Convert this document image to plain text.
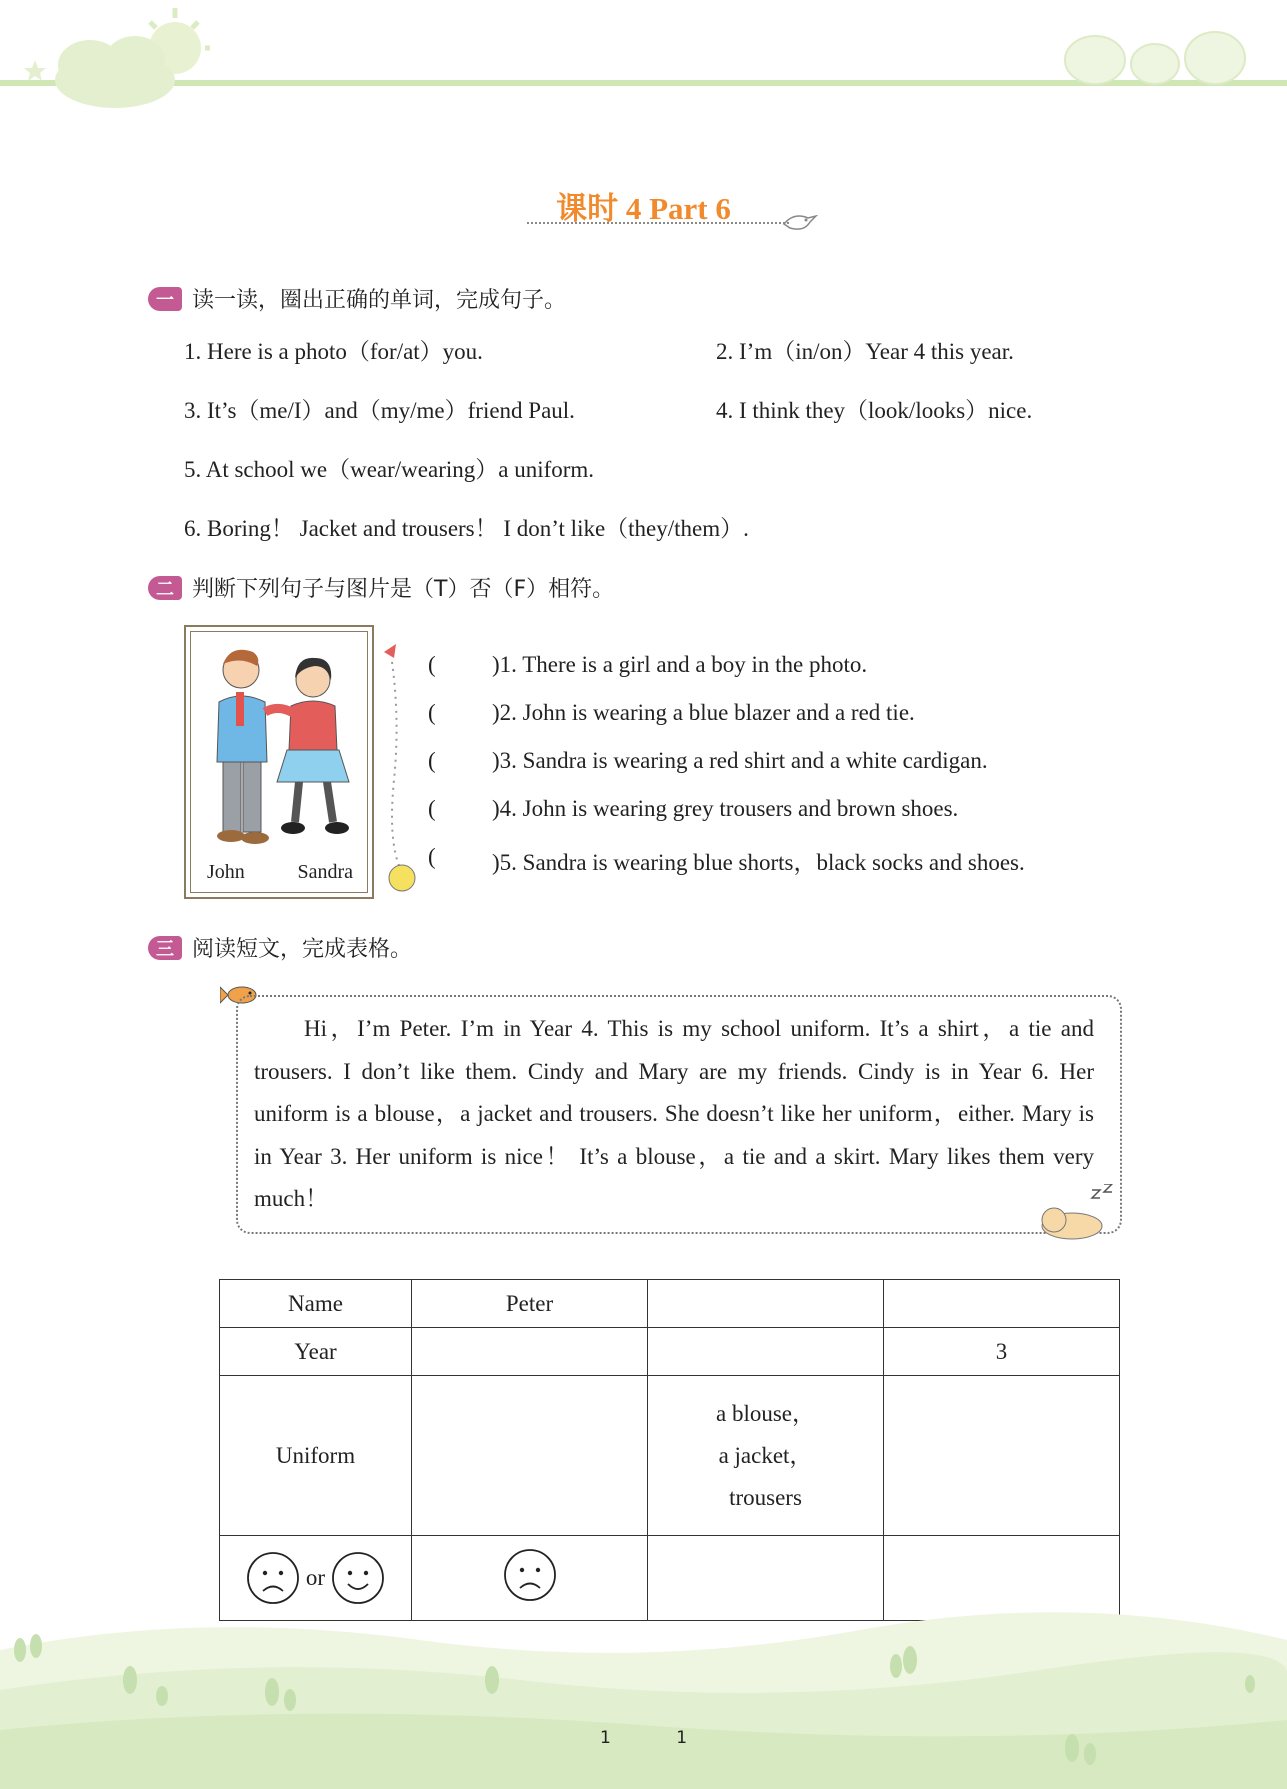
课时 4 Part 6
一 读一读，圈出正确的单词，完成句子。
1. Here is a photo（for/at）you.	2. I’m（in/on）Year 4 this year.
3. It’s（me/I）and（my/me）friend Paul.	4. I think they（look/looks）nice.
5. At school we（wear/wearing）a uniform.
6. Boring！ Jacket and trousers！ I don’t like（they/them）.
二 判断下列句子与图片是（T）否（F）相符。
John	Sandra
( )1. There is a girl and a boy in the photo.
( )2. John is wearing a blue blazer and a red tie.
( )3. Sandra is wearing a red shirt and a white cardigan.
( )4. John is wearing grey trousers and brown shoes.
( )5. Sandra is wearing blue shorts，black socks and shoes.
三 阅读短文，完成表格。
Hi，I’m Peter. I’m in Year 4. This is my school uniform. It’s a shirt，a tie and trousers. I don’t like them. Cindy and Mary are my friends. Cindy is in Year 6. Her uniform is a blouse，a jacket and trousers. She doesn’t like her uniform，either. Mary is in Year 3. Her uniform is nice！ It’s a blouse，a tie and a skirt. Mary likes them very much！
Name	Peter		
Year			3
Uniform		a blouse，
a jacket，
trousers	

or

1	1
